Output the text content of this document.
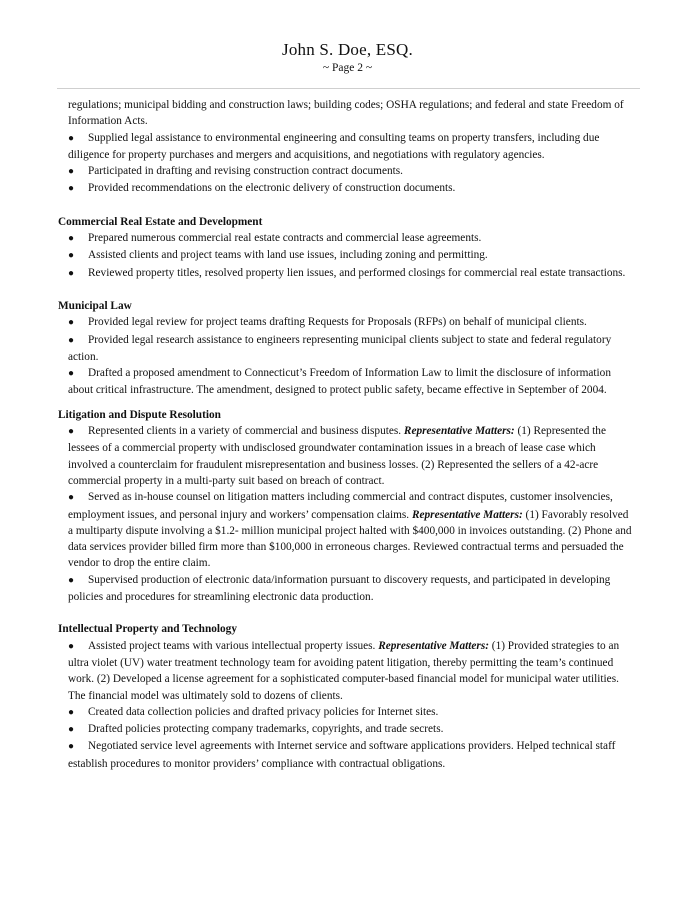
John S. Doe, ESQ.
~ Page 2 ~

regulations; municipal bidding and construction laws; building codes; OSHA regulations; and federal and state Freedom of Information Acts.

● Supplied legal assistance to environmental engineering and consulting teams on property transfers, including due diligence for property purchases and mergers and acquisitions, and negotiations with regulatory agencies.

● Participated in drafting and revising construction contract documents.

● Provided recommendations on the electronic delivery of construction documents.

Commercial Real Estate and Development

● Prepared numerous commercial real estate contracts and commercial lease agreements.

● Assisted clients and project teams with land use issues, including zoning and permitting.

● Reviewed property titles, resolved property lien issues, and performed closings for commercial real estate transactions.

Municipal Law

● Provided legal review for project teams drafting Requests for Proposals (RFPs) on behalf of municipal clients.

● Provided legal research assistance to engineers representing municipal clients subject to state and federal regulatory action.

● Drafted a proposed amendment to Connecticut’s Freedom of Information Law to limit the disclosure of information about critical infrastructure. The amendment, designed to protect public safety, became effective in September of 2004.

Litigation and Dispute Resolution

● Represented clients in a variety of commercial and business disputes. Representative Matters: (1) Represented the lessees of a commercial property with undisclosed groundwater contamination issues in a breach of lease case which involved a counterclaim for fraudulent misrepresentation and business losses. (2) Represented the sellers of a 42-acre commercial property in a multi-party suit based on breach of contract.

● Served as in-house counsel on litigation matters including commercial and contract disputes, customer insolvencies, employment issues, and personal injury and workers’ compensation claims. Representative Matters: (1) Favorably resolved a multiparty dispute involving a $1.2- million municipal project halted with $400,000 in invoices outstanding. (2) Phone and data services provider billed firm more than $100,000 in erroneous charges. Reviewed contractual terms and persuaded the vendor to drop the entire claim.

● Supervised production of electronic data/information pursuant to discovery requests, and participated in developing policies and procedures for streamlining electronic data production.

Intellectual Property and Technology

● Assisted project teams with various intellectual property issues. Representative Matters: (1) Provided strategies to an ultra violet (UV) water treatment technology team for avoiding patent litigation, thereby permitting the team’s continued work. (2) Developed a license agreement for a sophisticated computer-based financial model for municipal water utilities. The financial model was ultimately sold to dozens of clients.

● Created data collection policies and drafted privacy policies for Internet sites.

● Drafted policies protecting company trademarks, copyrights, and trade secrets.

● Negotiated service level agreements with Internet service and software applications providers. Helped technical staff establish procedures to monitor providers’ compliance with contractual obligations.
